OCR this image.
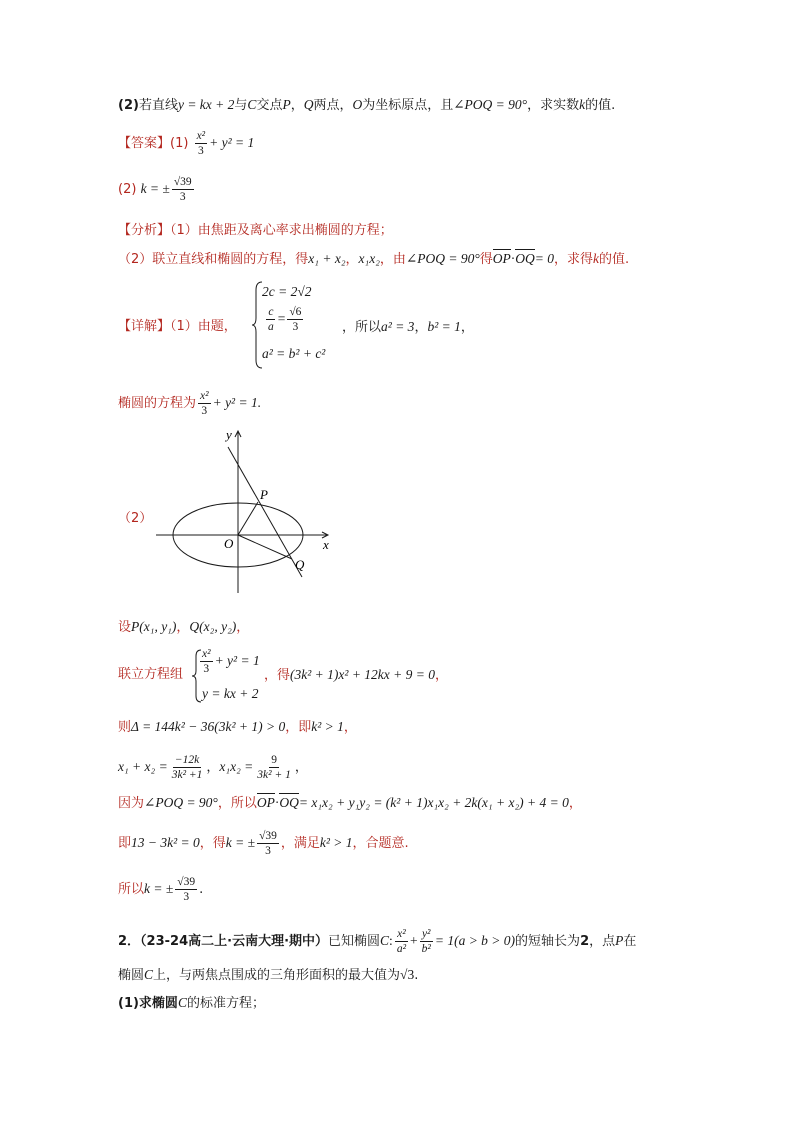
(2)若直线y = kx + 2与C交点P，Q两点，O为坐标原点，且∠POQ = 90°，求实数k的值.
【答案】$(1) \frac{\text{x²}}{3} + y^2 = 1$
(2) k = ± $\frac{√39}{3}$
【分析】（1）由焦距及离心率求出椭圆的方程；
（2）联立直线和椭圆的方程，得x₁ + x₂，x₁x₂，由∠POQ = 90°得OP·OQ= 0，求得k的值.
【详解】（1）由题，
2c = 2√2
$\frac{c}{a} = \frac{√6}{3}$
a² = b² + c²
，所以a² = 3，b² = 1，
椭圆的方程为 $\frac{\text{x²}}{3} + y^2 = 1$.
（2）
x
y
O
P
Q
设P(x₁, y₁)，Q(x₂, y₂)，
联立方程组 $\frac{\text{x²}}{3} + y^2 = 1$
y = kx + 2
，得(3k² + 1)x² + 12kx + 9 = 0，
则Δ = 144k² − 36(3k² + 1) > 0，即k² > 1，
$x_1 + x_2 = \frac{-12k}{\text{3k² +1}}$ ，$x_1x_2 = \frac{9}{\text{3k² + 1}}$ ，
因为∠POQ = 90°，所以OP·OQ= x₁x₂ + y₁y₂ = (k² + 1)x₁x₂ + 2k(x₁ + x₂) + 4 = 0，
即13 − 3k² = 0，得k = ± $\frac{√39}{3}$ ，满足k² > 1，合题意.
所以k = ± $\frac{√39}{3}$ .
2．（23-24高二上·云南大理·期中）已知椭圆C: $\frac{\text{x²}}{\text{a²}} + \frac{\text{y²}}{\text{b²}} = 1(a > b > 0)$的短轴长为2，点P在
椭圆C上，与两焦点围成的三角形面积的最大值为√3.
(1)求椭圆C的标准方程；
